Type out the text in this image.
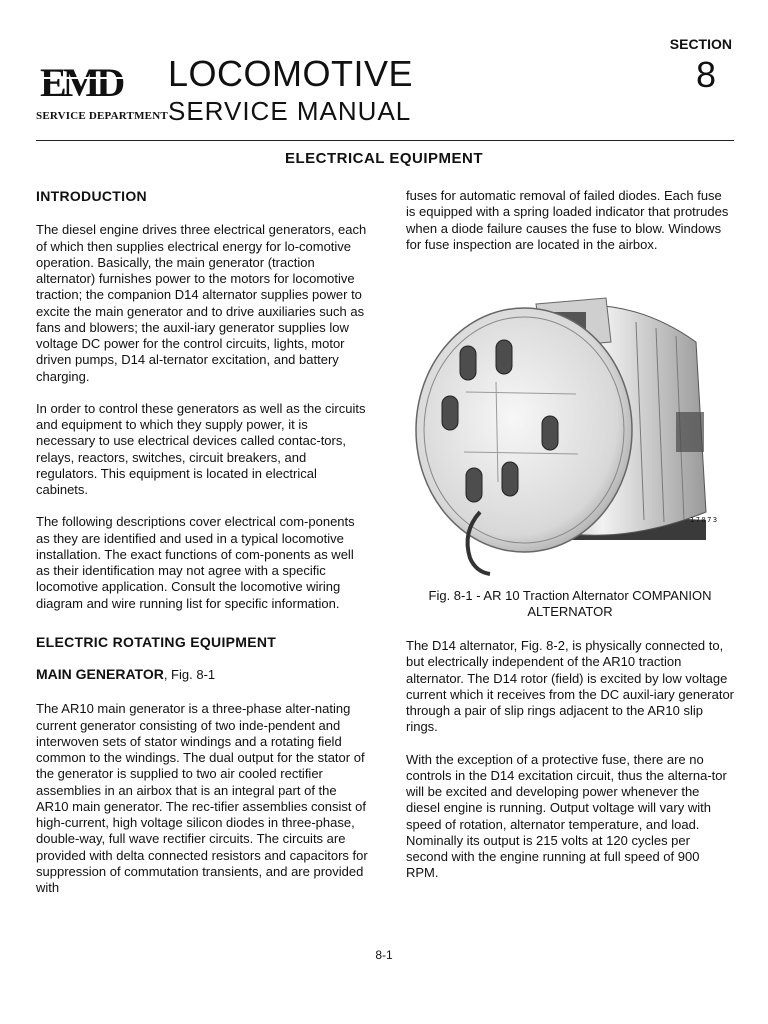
EMD
SERVICE DEPARTMENT
LOCOMOTIVE
SERVICE MANUAL
SECTION
8
ELECTRICAL EQUIPMENT

INTRODUCTION

The diesel engine drives three electrical generators, each of which then supplies electrical energy for lo-comotive operation. Basically, the main generator (traction alternator) furnishes power to the motors for locomotive traction; the companion D14 alternator supplies power to excite the main generator and to drive auxiliaries such as fans and blowers; the auxil-iary generator supplies low voltage DC power for the control circuits, lights, motor driven pumps, D14 al-ternator excitation, and battery charging.

In order to control these generators as well as the circuits and equipment to which they supply power, it is necessary to use electrical devices called contac-tors, relays, reactors, switches, circuit breakers, and regulators. This equipment is located in electrical cabinets.

The following descriptions cover electrical com-ponents as they are identified and used in a typical locomotive installation. The exact functions of com-ponents as well as their identification may not agree with a specific locomotive application. Consult the locomotive wiring diagram and wire running list for specific information.

ELECTRIC ROTATING EQUIPMENT

MAIN GENERATOR, Fig. 8-1

The AR10 main generator is a three-phase alter-nating current generator consisting of two inde-pendent and interwoven sets of stator windings and a rotating field common to the windings. The dual output for the stator of the generator is supplied to two air cooled rectifier assemblies in an airbox that is an integral part of the AR10 main generator. The rec-tifier assemblies consist of high-current, high voltage silicon diodes in three-phase, double-way, full wave rectifier circuits. The circuits are provided with delta connected resistors and capacitors for suppression of commutation transients, and are provided with

fuses for automatic removal of failed diodes. Each fuse is equipped with a spring loaded indicator that protrudes when a diode failure causes the fuse to blow. Windows for fuse inspection are located in the airbox.

17073
Fig. 8-1 - AR 10 Traction Alternator COMPANION ALTERNATOR

The D14 alternator, Fig. 8-2, is physically connected to, but electrically independent of the AR10 traction alternator. The D14 rotor (field) is excited by low voltage current which it receives from the DC auxil-iary generator through a pair of slip rings adjacent to the AR10 slip rings.

With the exception of a protective fuse, there are no controls in the D14 excitation circuit, thus the alterna-tor will be excited and developing power whenever the diesel engine is running. Output voltage will vary with speed of rotation, alternator temperature, and load. Nominally its output is 215 volts at 120 cycles per second with the engine running at full speed of 900 RPM.

8-1
